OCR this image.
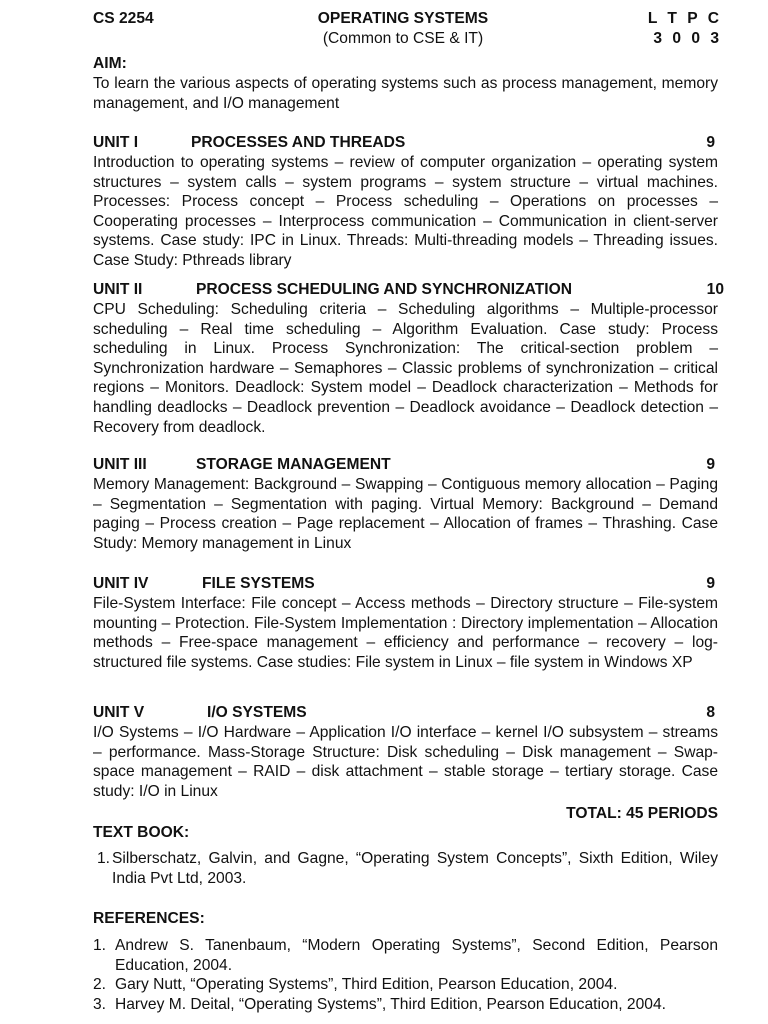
CS 2254	OPERATING SYSTEMS
(Common to CSE & IT)
L T P C
3 0 0 3
AIM:
To learn the various aspects of operating systems such as process management, memory management, and I/O management
UNIT I	PROCESSES AND THREADS	9
Introduction to operating systems – review of computer organization – operating system structures – system calls – system programs – system structure – virtual machines. Processes: Process concept – Process scheduling – Operations on processes – Cooperating processes – Interprocess communication – Communication in client-server systems. Case study: IPC in Linux. Threads: Multi-threading models – Threading issues. Case Study: Pthreads library
UNIT II	PROCESS SCHEDULING AND SYNCHRONIZATION	10
CPU Scheduling: Scheduling criteria – Scheduling algorithms – Multiple-processor scheduling – Real time scheduling – Algorithm Evaluation. Case study: Process scheduling in Linux. Process Synchronization: The critical-section problem – Synchronization hardware – Semaphores – Classic problems of synchronization – critical regions – Monitors. Deadlock: System model – Deadlock characterization – Methods for handling deadlocks – Deadlock prevention – Deadlock avoidance – Deadlock detection – Recovery from deadlock.
UNIT III	STORAGE MANAGEMENT	9
Memory Management: Background – Swapping – Contiguous memory allocation – Paging – Segmentation – Segmentation with paging. Virtual Memory: Background – Demand paging – Process creation – Page replacement – Allocation of frames – Thrashing. Case Study: Memory management in Linux
UNIT IV	FILE SYSTEMS	9
File-System Interface: File concept – Access methods – Directory structure – File-system mounting – Protection. File-System Implementation : Directory implementation – Allocation methods – Free-space management – efficiency and performance – recovery – log-structured file systems. Case studies: File system in Linux – file system in Windows XP
UNIT V	I/O SYSTEMS	8
I/O Systems – I/O Hardware – Application I/O interface – kernel I/O subsystem – streams – performance. Mass-Storage Structure: Disk scheduling – Disk management – Swap-space management – RAID – disk attachment – stable storage – tertiary storage. Case study: I/O in Linux
TOTAL: 45 PERIODS
TEXT BOOK:
1. Silberschatz, Galvin, and Gagne, “Operating System Concepts”, Sixth Edition, Wiley India Pvt Ltd, 2003.
REFERENCES:
1. Andrew S. Tanenbaum, “Modern Operating Systems”, Second Edition, Pearson Education, 2004.
2. Gary Nutt, “Operating Systems”, Third Edition, Pearson Education, 2004.
3. Harvey M. Deital, “Operating Systems”, Third Edition, Pearson Education, 2004.
